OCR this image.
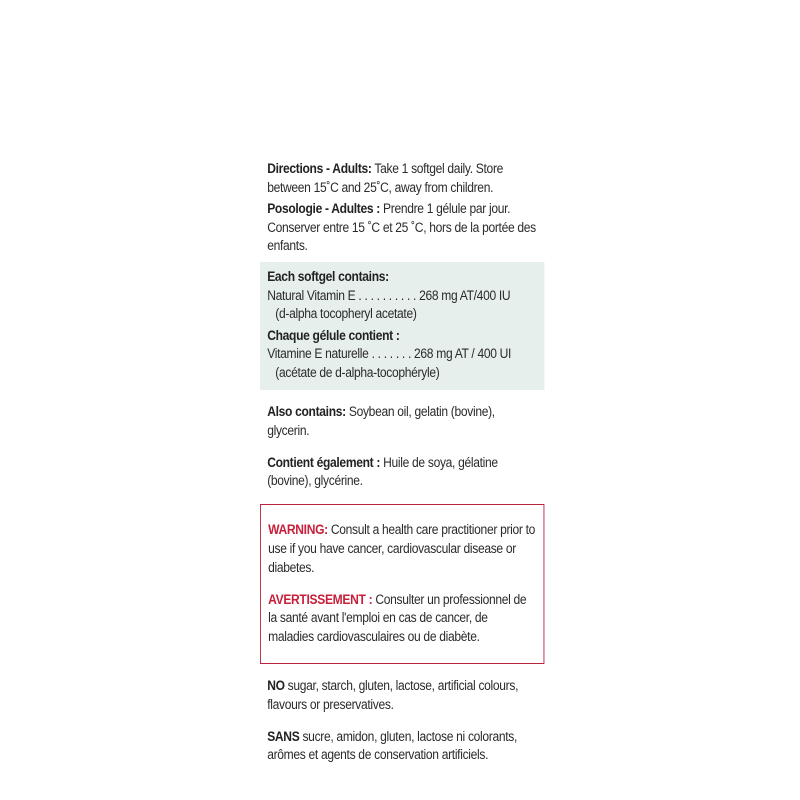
Directions - Adults: Take 1 softgel daily. Store between 15˚C and 25˚C, away from children.

Posologie - Adultes : Prendre 1 gélule par jour. Conserver entre 15 ˚C et 25 ˚C, hors de la portée des enfants.

Each softgel contains:

Natural Vitamin E . . . . . . . . . . 268 mg AT/400 IU

(d-alpha tocopheryl acetate)

Chaque gélule contient :

Vitamine E naturelle . . . . . . . 268 mg AT / 400 UI

(acétate de d-alpha-tocophéryle)

Also contains: Soybean oil, gelatin (bovine), glycerin.

Contient également : Huile de soya, gélatine (bovine), glycérine.

WARNING: Consult a health care practitioner prior to use if you have cancer, cardiovascular disease or diabetes.

AVERTISSEMENT : Consulter un professionnel de la santé avant l'emploi en cas de cancer, de maladies cardiovasculaires ou de diabète.

NO sugar, starch, gluten, lactose, artificial colours, flavours or preservatives.

SANS sucre, amidon, gluten, lactose ni colorants, arômes et agents de conservation artificiels.
